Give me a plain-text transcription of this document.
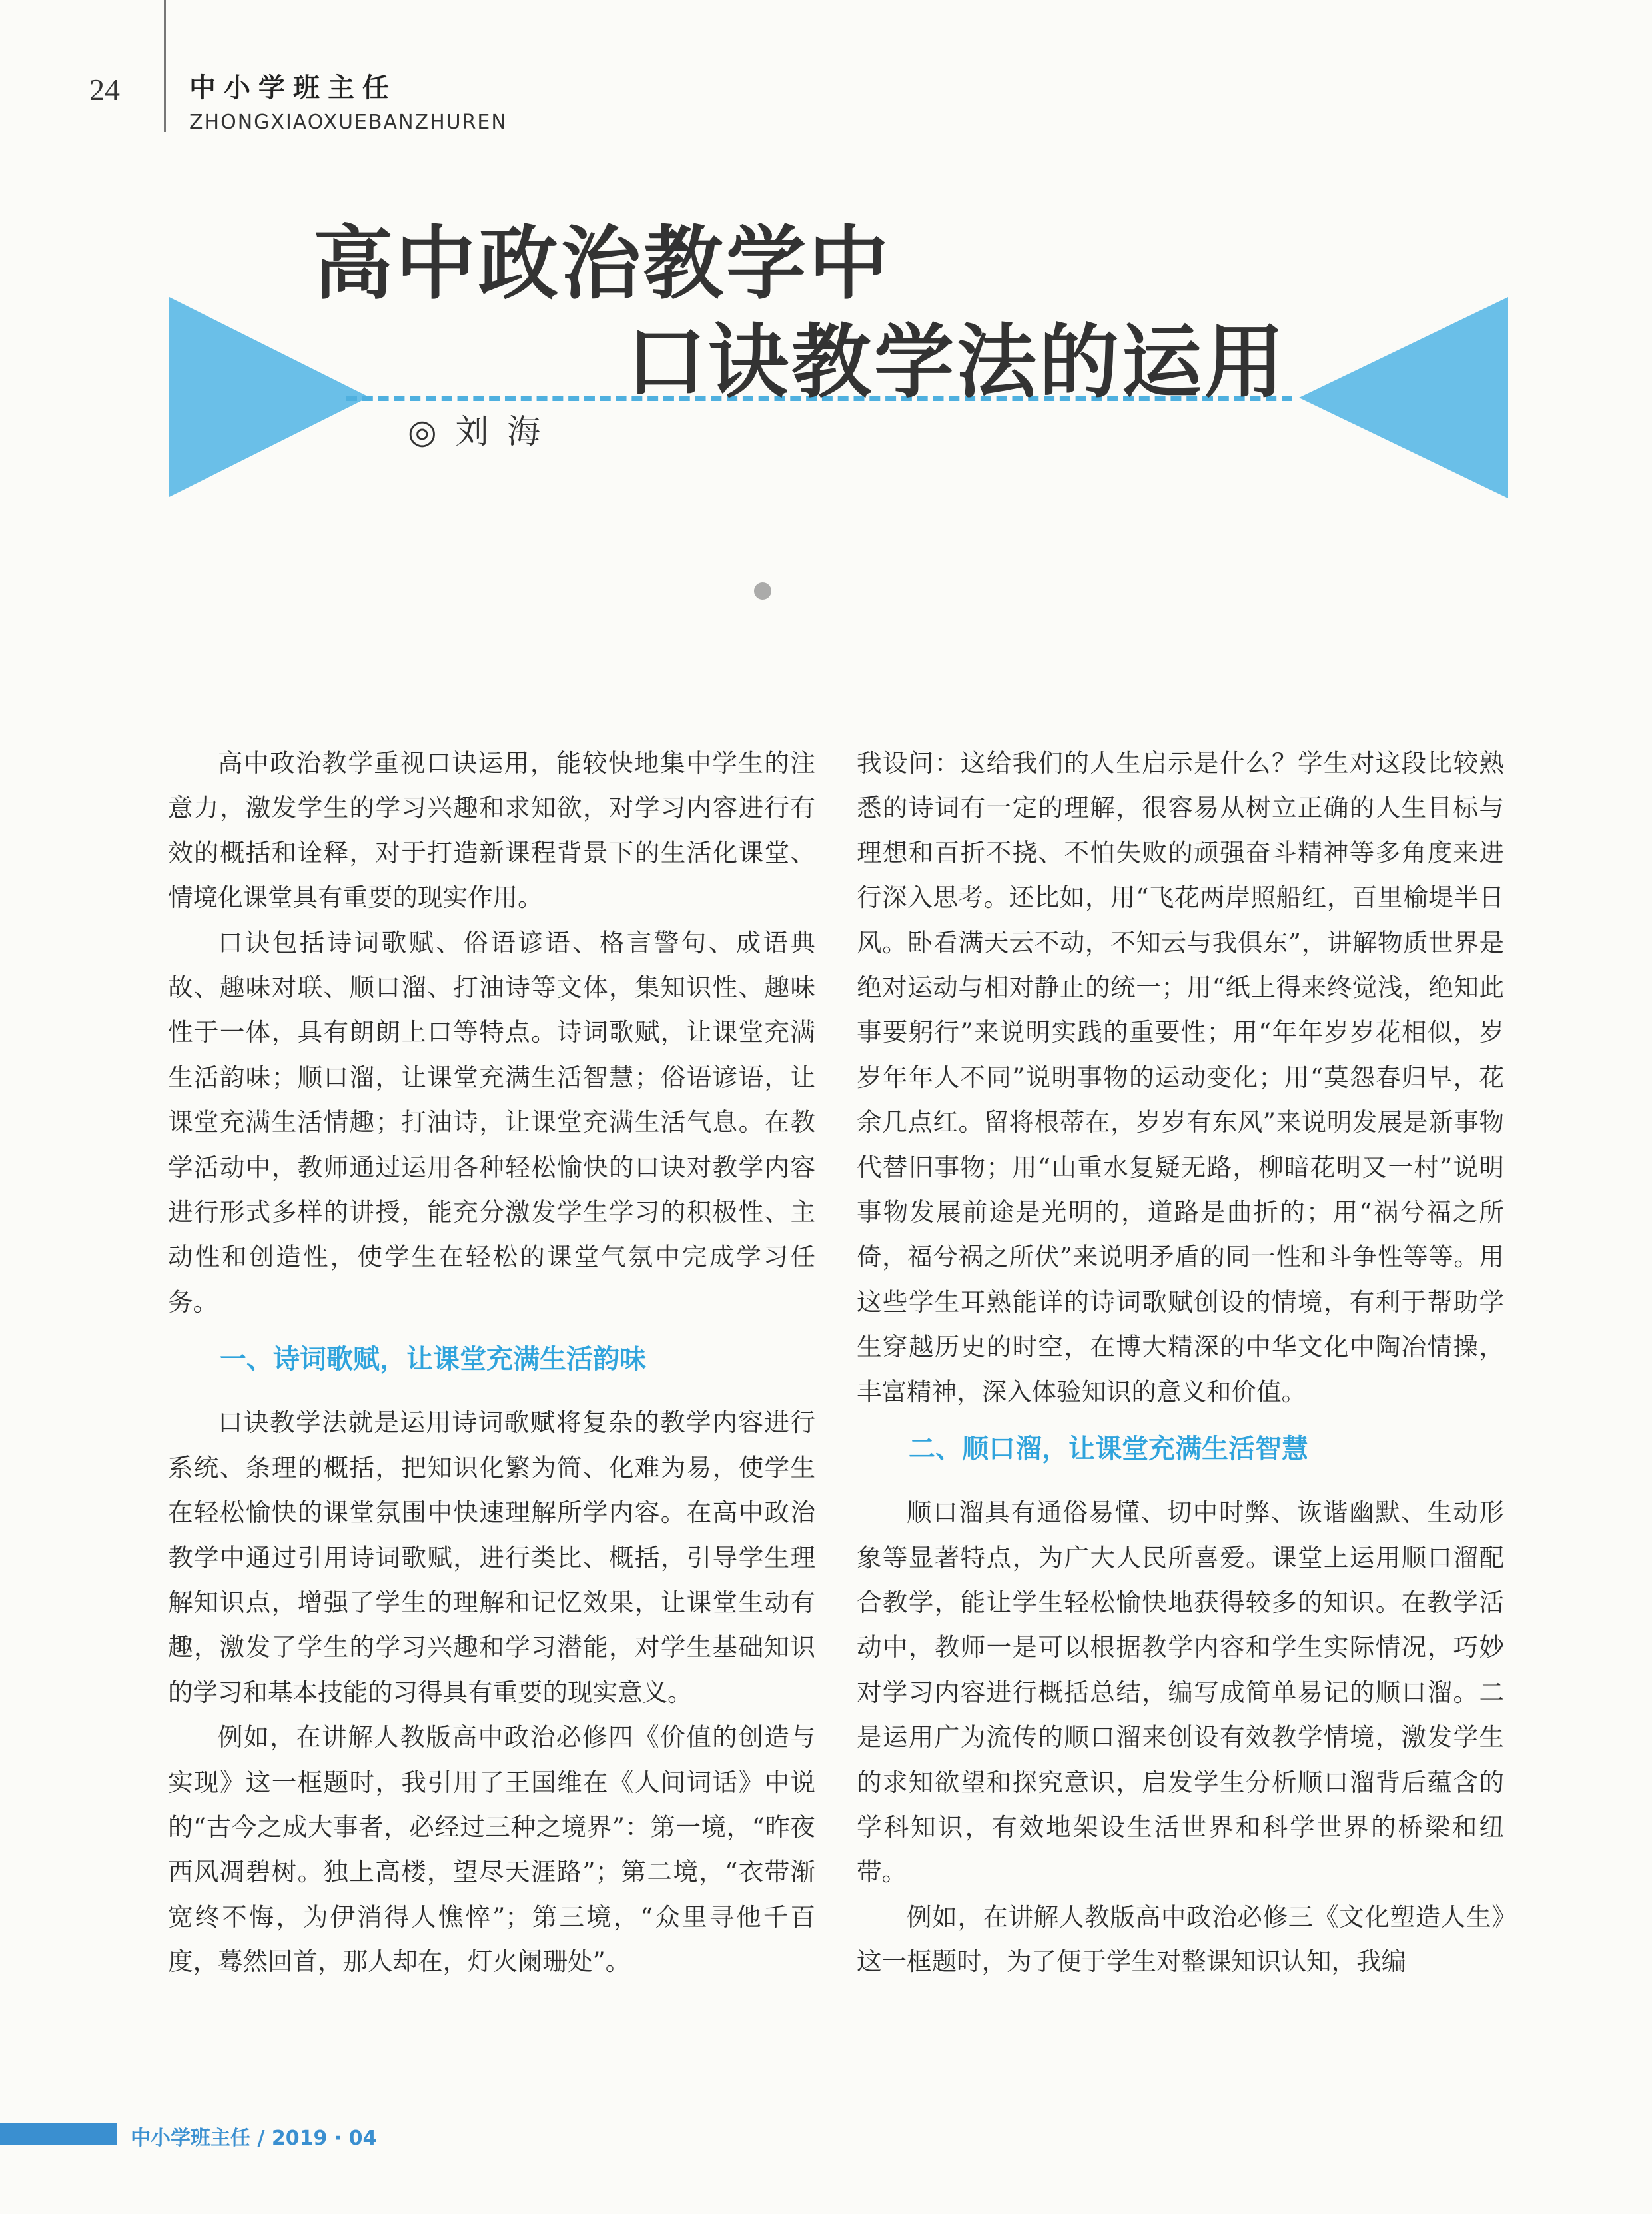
24	中小学班主任
ZHONGXIAOXUEBANZHUREN
高中政治教学中
口诀教学法的运用
◎ 刘 海

高中政治教学重视口诀运用，能较快地集中学生的注意力，激发学生的学习兴趣和求知欲，对学习内容进行有效的概括和诠释，对于打造新课程背景下的生活化课堂、情境化课堂具有重要的现实作用。

口诀包括诗词歌赋、俗语谚语、格言警句、成语典故、趣味对联、顺口溜、打油诗等文体，集知识性、趣味性于一体，具有朗朗上口等特点。诗词歌赋，让课堂充满生活韵味；顺口溜，让课堂充满生活智慧；俗语谚语，让课堂充满生活情趣；打油诗，让课堂充满生活气息。在教学活动中，教师通过运用各种轻松愉快的口诀对教学内容进行形式多样的讲授，能充分激发学生学习的积极性、主动性和创造性，使学生在轻松的课堂气氛中完成学习任务。

一、诗词歌赋，让课堂充满生活韵味

口诀教学法就是运用诗词歌赋将复杂的教学内容进行系统、条理的概括，把知识化繁为简、化难为易，使学生在轻松愉快的课堂氛围中快速理解所学内容。在高中政治教学中通过引用诗词歌赋，进行类比、概括，引导学生理解知识点，增强了学生的理解和记忆效果，让课堂生动有趣，激发了学生的学习兴趣和学习潜能，对学生基础知识的学习和基本技能的习得具有重要的现实意义。

例如，在讲解人教版高中政治必修四《价值的创造与实现》这一框题时，我引用了王国维在《人间词话》中说的“古今之成大事者，必经过三种之境界”：第一境，“昨夜西风凋碧树。独上高楼，望尽天涯路”；第二境，“衣带渐宽终不悔，为伊消得人憔悴”；第三境，“众里寻他千百度，蓦然回首，那人却在，灯火阑珊处”。

我设问：这给我们的人生启示是什么？学生对这段比较熟悉的诗词有一定的理解，很容易从树立正确的人生目标与理想和百折不挠、不怕失败的顽强奋斗精神等多角度来进行深入思考。还比如，用“飞花两岸照船红，百里榆堤半日风。卧看满天云不动，不知云与我俱东”，讲解物质世界是绝对运动与相对静止的统一；用“纸上得来终觉浅，绝知此事要躬行”来说明实践的重要性；用“年年岁岁花相似，岁岁年年人不同”说明事物的运动变化；用“莫怨春归早，花余几点红。留将根蒂在，岁岁有东风”来说明发展是新事物代替旧事物；用“山重水复疑无路，柳暗花明又一村”说明事物发展前途是光明的，道路是曲折的；用“祸兮福之所倚，福兮祸之所伏”来说明矛盾的同一性和斗争性等等。用这些学生耳熟能详的诗词歌赋创设的情境，有利于帮助学生穿越历史的时空，在博大精深的中华文化中陶冶情操，丰富精神，深入体验知识的意义和价值。

二、顺口溜，让课堂充满生活智慧

顺口溜具有通俗易懂、切中时弊、诙谐幽默、生动形象等显著特点，为广大人民所喜爱。课堂上运用顺口溜配合教学，能让学生轻松愉快地获得较多的知识。在教学活动中，教师一是可以根据教学内容和学生实际情况，巧妙对学习内容进行概括总结，编写成简单易记的顺口溜。二是运用广为流传的顺口溜来创设有效教学情境，激发学生的求知欲望和探究意识，启发学生分析顺口溜背后蕴含的学科知识，有效地架设生活世界和科学世界的桥梁和纽带。

例如，在讲解人教版高中政治必修三《文化塑造人生》这一框题时，为了便于学生对整课知识认知，我编

中小学班主任 / 2019 · 04
